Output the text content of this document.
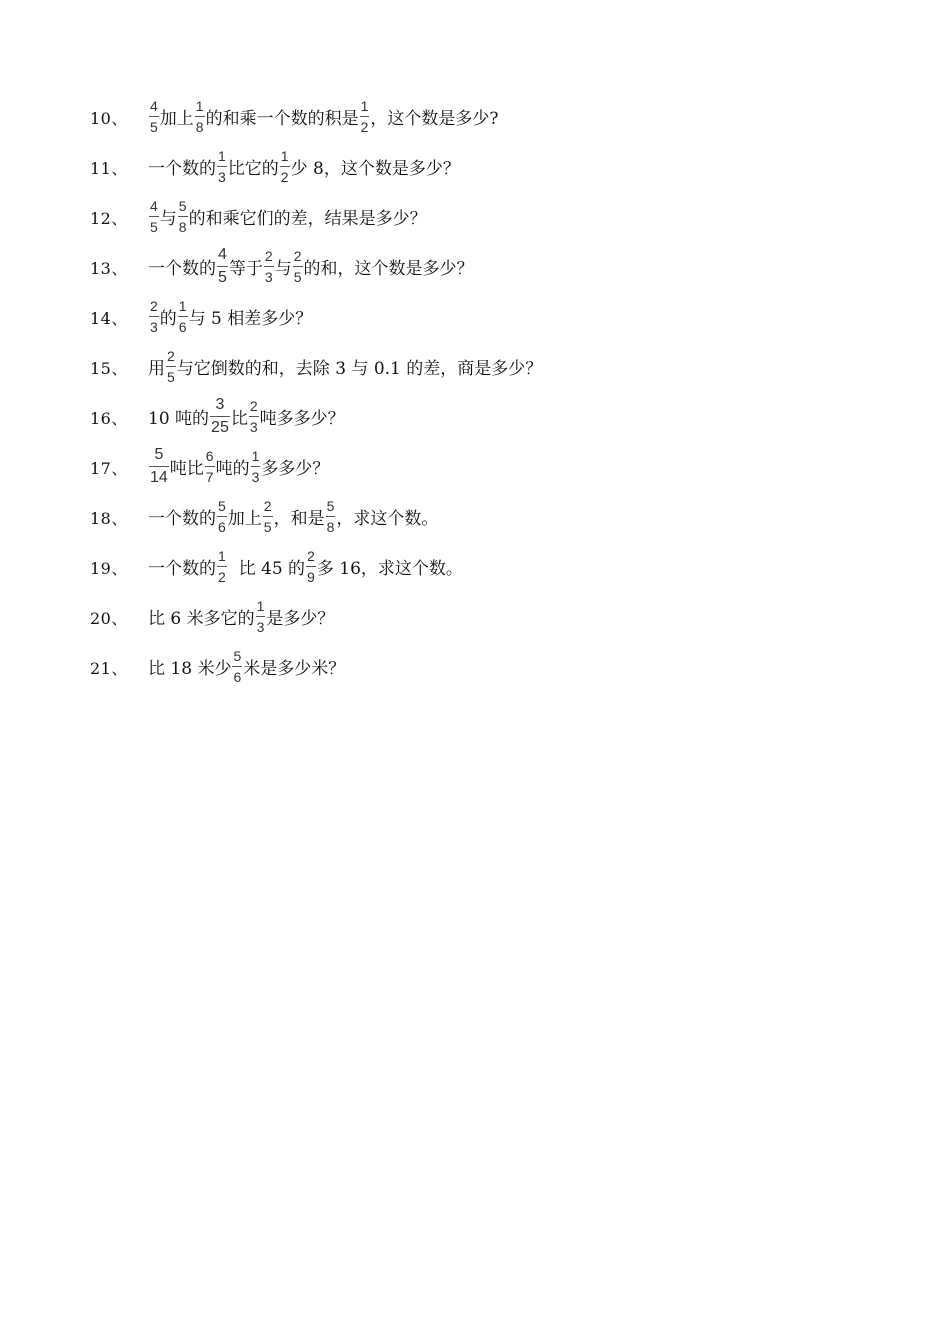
10、 $\frac{4}{5}$ 加上 $\frac{1}{8}$ 的和乘一个数的积是 $\frac{1}{2}$ ，这个数是多少?
11、 一个数的 $\frac{1}{3}$ 比它的 $\frac{1}{2}$ 少 8，这个数是多少？
12、 $\frac{4}{5}$ 与 $\frac{5}{8}$ 的和乘它们的差，结果是多少？
13、 一个数的 $\frac{4}{5}$ 等于 $\frac{2}{3}$ 与 $\frac{2}{5}$ 的和，这个数是多少？
14、 $\frac{2}{3}$ 的 $\frac{1}{6}$ 与 5 相差多少？
15、 用 $\frac{2}{5}$ 与它倒数的和，去除 3 与 0.1 的差，商是多少？
16、 10 吨的 $\frac{3}{25}$ 比 $\frac{2}{3}$ 吨多多少？
17、 $\frac{5}{14}$ 吨比 $\frac{6}{7}$ 吨的 $\frac{1}{3}$ 多多少？
18、 一个数的 $\frac{5}{6}$ 加上 $\frac{2}{5}$ ，和是 $\frac{5}{8}$ ，求这个数。
19、 一个数的 $\frac{1}{2}$ 比 45 的 $\frac{2}{9}$ 多 16，求这个数。
20、 比 6 米多它的 $\frac{1}{3}$ 是多少？
21、 比 18 米少 $\frac{5}{6}$ 米是多少米？
